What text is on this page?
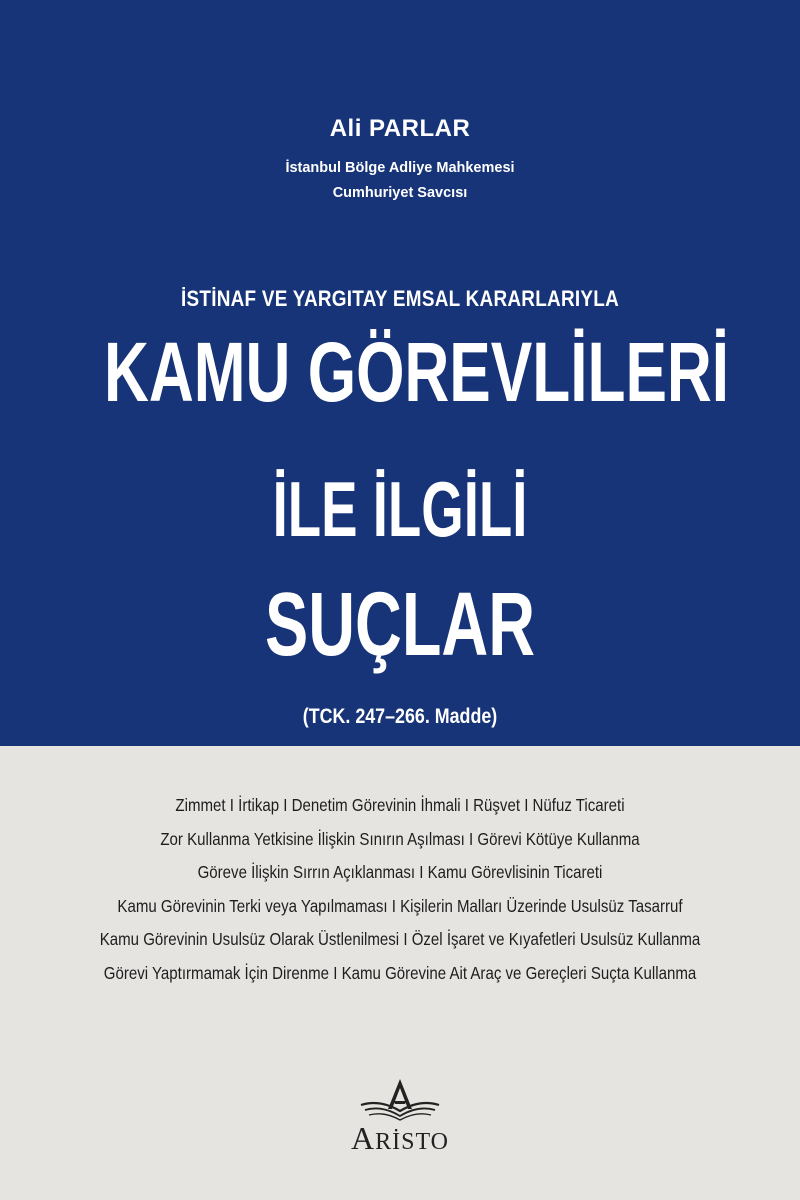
Ali PARLAR
İstanbul Bölge Adliye Mahkemesi
Cumhuriyet Savcısı
İSTİNAF VE YARGITAY EMSAL KARARLARIYLA
KAMU GÖREVLİLERİ
İLE İLGİLİ
SUÇLAR
(TCK. 247–266. Madde)
Zimmet I İrtikap I Denetim Görevinin İhmali I Rüşvet I Nüfuz Ticareti
Zor Kullanma Yetkisine İlişkin Sınırın Aşılması I Görevi Kötüye Kullanma
Göreve İlişkin Sırrın Açıklanması I Kamu Görevlisinin Ticareti
Kamu Görevinin Terki veya Yapılmaması I Kişilerin Malları Üzerinde Usulsüz Tasarruf
Kamu Görevinin Usulsüz Olarak Üstlenilmesi I Özel İşaret ve Kıyafetleri Usulsüz Kullanma
Görevi Yaptırmamak İçin Direnme I Kamu Görevine Ait Araç ve Gereçleri Suçta Kullanma
ARİSTO
